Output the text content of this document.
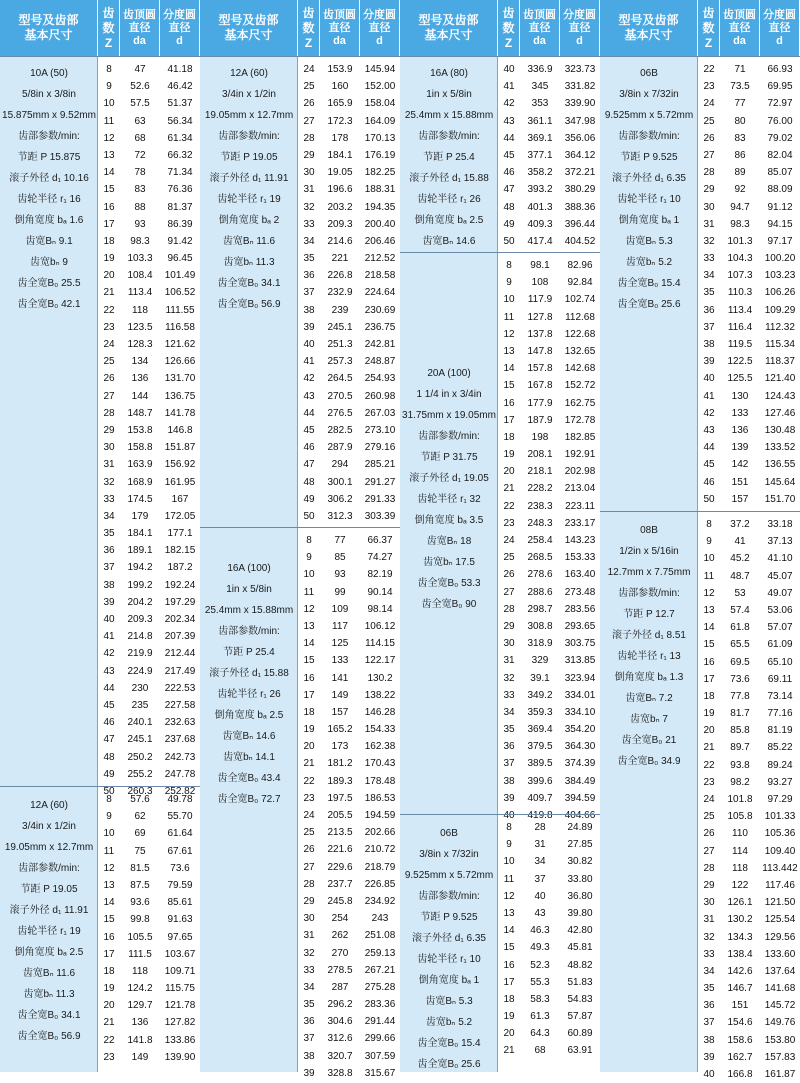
型号及齿部
基本尺寸
齿数
Z
齿顶圆
直径
da
分度圆
直径
d
10A (50)
5/8in x 3/8in
15.875mm x 9.52mm
齿部参数/min:
节距 P 15.875
滚子外径 d₁ 10.16
齿轮半径 r₁ 16
倒角宽度 bₐ 1.6
齿宽Bₙ 9.1
齿宽bₙ 9
齿全宽B₀ 25.5
齿全宽B₀ 42.1
8 47 41.18
9 52.6 46.42
10 57.5 51.37
11 63 56.34
12 68 61.34
13 72 66.32
14 78 71.34
15 83 76.36
16 88 81.37
17 93 86.39
18 98.3 91.42
19 103.3 96.45
20 108.4 101.49
21 113.4 106.52
22 118 111.55
23 123.5 116.58
24 128.3 121.62
25 134 126.66
26 136 131.70
27 144 136.75
28 148.7 141.78
29 153.8 146.8
30 158.8 151.87
31 163.9 156.92
32 168.9 161.95
33 174.5 167
34 179 172.05
35 184.1 177.1
36 189.1 182.15
37 194.2 187.2
38 199.2 192.24
39 204.2 197.29
40 209.3 202.34
41 214.8 207.39
42 219.9 212.44
43 224.9 217.49
44 230 222.53
45 235 227.58
46 240.1 232.63
47 245.1 237.68
48 250.2 242.73
49 255.2 247.78
50 260.3 252.82
12A (60)
3/4in x 1/2in
19.05mm x 12.7mm
齿部参数/min:
节距 P 19.05
滚子外径 d₁ 11.91
齿轮半径 r₁ 19
倒角宽度 bₐ 2.5
齿宽Bₙ 11.6
齿宽bₙ 11.3
齿全宽B₀ 34.1
齿全宽B₀ 56.9
8 57.6 49.78
9 62 55.70
10 69 61.64
11 75 67.61
12 81.5 73.6
13 87.5 79.59
14 93.6 85.61
15 99.8 91.63
16 105.5 97.65
17 111.5 103.67
18 118 109.71
19 124.2 115.75
20 129.7 121.78
21 136 127.82
22 141.8 133.86
23 149 139.90
型号及齿部
基本尺寸
齿数
Z
齿顶圆
直径
da
分度圆
直径
d
12A (60)
3/4in x 1/2in
19.05mm x 12.7mm
齿部参数/min:
节距 P 19.05
滚子外径 d₁ 11.91
齿轮半径 r₁ 19
倒角宽度 bₐ 2
齿宽Bₙ 11.6
齿宽bₙ 11.3
齿全宽B₀ 34.1
齿全宽B₀ 56.9
24 153.9 145.94
25 160 152.00
26 165.9 158.04
27 172.3 164.09
28 178 170.13
29 184.1 176.19
30 19.05 182.25
31 196.6 188.31
32 203.2 194.35
33 209.3 200.40
34 214.6 206.46
35 221 212.52
36 226.8 218.58
37 232.9 224.64
38 239 230.69
39 245.1 236.75
40 251.3 242.81
41 257.3 248.87
42 264.5 254.93
43 270.5 260.98
44 276.5 267.03
45 282.5 273.10
46 287.9 279.16
47 294 285.21
48 300.1 291.27
49 306.2 291.33
50 312.3 303.39
16A (100)
1in x 5/8in
25.4mm x 15.88mm
齿部参数/min:
节距 P 25.4
滚子外径 d₁ 15.88
齿轮半径 r₁ 26
倒角宽度 bₐ 2.5
齿宽Bₙ 14.6
齿宽bₙ 14.1
齿全宽B₀ 43.4
齿全宽B₀ 72.7
8 77 66.37
9 85 74.27
10 93 82.19
11 99 90.14
12 109 98.14
13 117 106.12
14 125 114.15
15 133 122.17
16 141 130.2
17 149 138.22
18 157 146.28
19 165.2 154.33
20 173 162.38
21 181.2 170.43
22 189.3 178.48
23 197.5 186.53
24 205.5 194.59
25 213.5 202.66
26 221.6 210.72
27 229.6 218.79
28 237.7 226.85
29 245.8 234.92
30 254 243
31 262 251.08
32 270 259.13
33 278.5 267.21
34 287 275.28
35 296.2 283.36
36 304.6 291.44
37 312.6 299.66
38 320.7 307.59
39 328.8 315.67
型号及齿部
基本尺寸
齿数
Z
齿顶圆
直径
da
分度圆
直径
d
16A (80)
1in x 5/8in
25.4mm x 15.88mm
齿部参数/min:
节距 P 25.4
滚子外径 d₁ 15.88
齿轮半径 r₁ 26
倒角宽度 bₐ 2.5
齿宽Bₙ 14.6
40 336.9 323.73
41 345 331.82
42 353 339.90
43 361.1 347.98
44 369.1 356.06
45 377.1 364.12
46 358.2 372.21
47 393.2 380.29
48 401.3 388.36
49 409.3 396.44
50 417.4 404.52
20A (100)
1 1/4 in x 3/4in
31.75mm x 19.05mm
齿部参数/min:
节距 P 31.75
滚子外径 d₁ 19.05
齿轮半径 r₁ 32
倒角宽度 bₐ 3.5
齿宽Bₙ 18
齿宽bₙ 17.5
齿全宽B₀ 53.3
齿全宽B₀ 90
8 98.1 82.96
9 108 92.84
10 117.9 102.74
11 127.8 112.68
12 137.8 122.68
13 147.8 132.65
14 157.8 142.68
15 167.8 152.72
16 177.9 162.75
17 187.9 172.78
18 198 182.85
19 208.1 192.91
20 218.1 202.98
21 228.2 213.04
22 238.3 223.11
23 248.3 233.17
24 258.4 143.23
25 268.5 153.33
26 278.6 163.40
27 288.6 273.48
28 298.7 283.56
29 308.8 293.65
30 318.9 303.75
31 329 313.85
32 39.1 323.94
33 349.2 334.01
34 359.3 334.10
35 369.4 354.20
36 379.5 364.30
37 389.5 374.39
38 399.6 384.49
39 409.7 394.59
40 419.8 404.66
06B
3/8in x 7/32in
9.525mm x 5.72mm
齿部参数/min:
节距 P 9.525
滚子外径 d₁ 6.35
齿轮半径 r₁ 10
倒角宽度 bₐ 1
齿宽Bₙ 5.3
齿宽bₙ 5.2
齿全宽B₀ 15.4
齿全宽B₀ 25.6
8 28 24.89
9 31 27.85
10 34 30.82
11 37 33.80
12 40 36.80
13 43 39.80
14 46.3 42.80
15 49.3 45.81
16 52.3 48.82
17 55.3 51.83
18 58.3 54.83
19 61.3 57.87
20 64.3 60.89
21 68 63.91
型号及齿部
基本尺寸
齿数
Z
齿顶圆
直径
da
分度圆
直径
d
06B
3/8in x 7/32in
9.525mm x 5.72mm
齿部参数/min:
节距 P 9.525
滚子外径 d₁ 6.35
齿轮半径 r₁ 10
倒角宽度 bₐ 1
齿宽Bₙ 5.3
齿宽bₙ 5.2
齿全宽B₀ 15.4
齿全宽B₀ 25.6
22 71 66.93
23 73.5 69.95
24 77 72.97
25 80 76.00
26 83 79.02
27 86 82.04
28 89 85.07
29 92 88.09
30 94.7 91.12
31 98.3 94.15
32 101.3 97.17
33 104.3 100.20
34 107.3 103.23
35 110.3 106.26
36 113.4 109.29
37 116.4 112.32
38 119.5 115.34
39 122.5 118.37
40 125.5 121.40
41 130 124.43
42 133 127.46
43 136 130.48
44 139 133.52
45 142 136.55
46 151 145.64
50 157 151.70
08B
1/2in x 5/16in
12.7mm x 7.75mm
齿部参数/min:
节距 P 12.7
滚子外径 d₁ 8.51
齿轮半径 r₁ 13
倒角宽度 bₐ 1.3
齿宽Bₙ 7.2
齿宽bₙ 7
齿全宽B₀ 21
齿全宽B₀ 34.9
8 37.2 33.18
9 41 37.13
10 45.2 41.10
11 48.7 45.07
12 53 49.07
13 57.4 53.06
14 61.8 57.07
15 65.5 61.09
16 69.5 65.10
17 73.6 69.11
18 77.8 73.14
19 81.7 77.16
20 85.8 81.19
21 89.7 85.22
22 93.8 89.24
23 98.2 93.27
24 101.8 97.29
25 105.8 101.33
26 110 105.36
27 114 109.40
28 118 113.442
29 122 117.46
30 126.1 121.50
31 130.2 125.54
32 134.3 129.56
33 138.4 133.60
34 142.6 137.64
35 146.7 141.68
36 151 145.72
37 154.6 149.76
38 158.6 153.80
39 162.7 157.83
40 166.8 161.87
